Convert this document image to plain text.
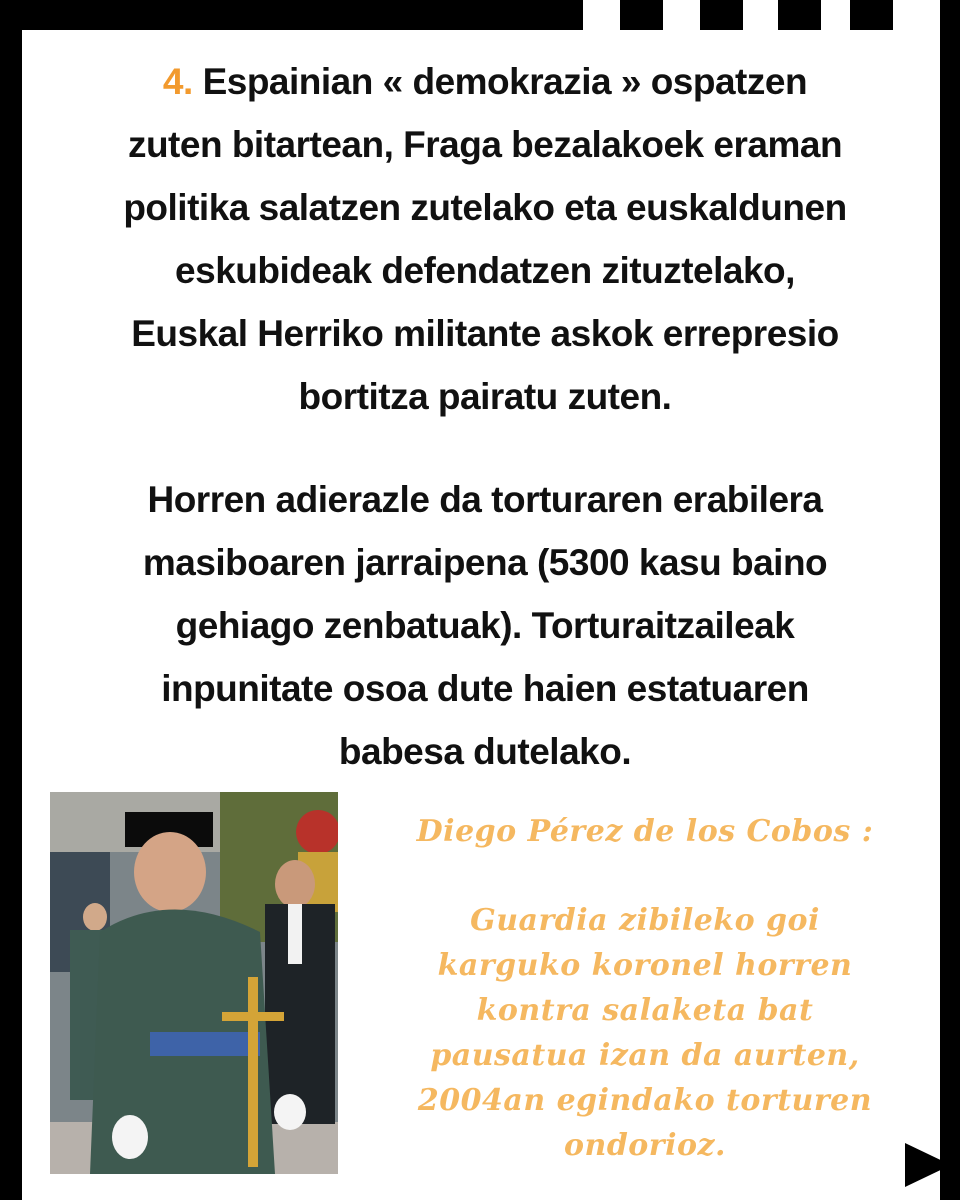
4. Espainian « demokrazia » ospatzen
zuten bitartean, Fraga bezalakoek eraman
politika salatzen zutelako eta euskaldunen
eskubideak defendatzen zituztelako,
Euskal Herriko militante askok errepresio
bortitza pairatu zuten.
Horren adierazle da torturaren erabilera
masiboaren jarraipena (5300 kasu baino
gehiago zenbatuak). Torturaitzaileak
inpunitate osoa dute haien estatuaren
babesa dutelako.
Diego Pérez de los Cobos :
Guardia zibileko goi
karguko koronel horren
kontra salaketa bat
pausatua izan da aurten,
2004an egindako torturen
ondorioz.
